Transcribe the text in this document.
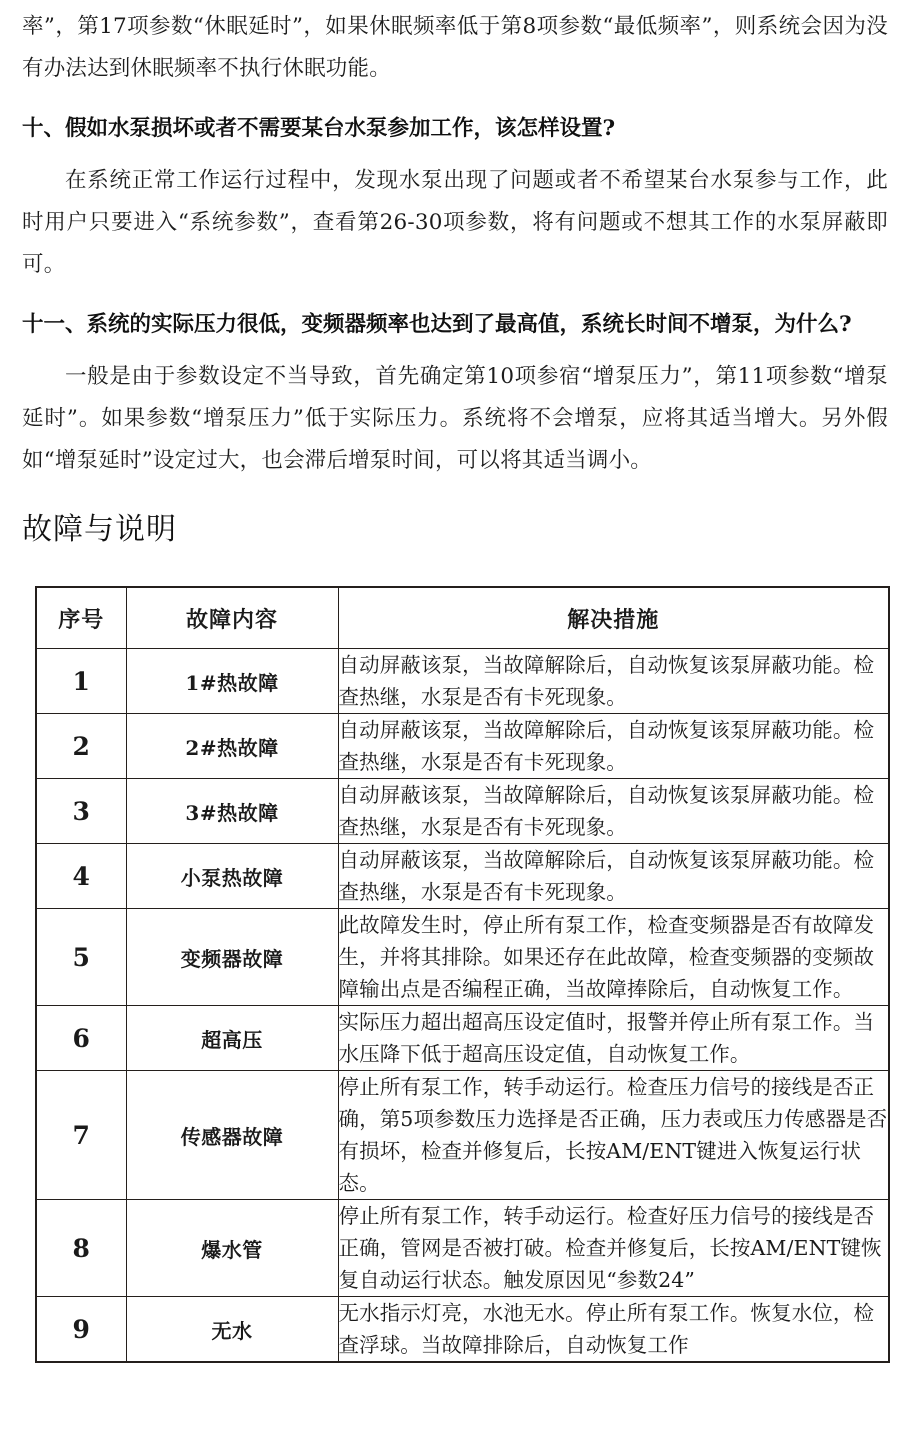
率”，第17项参数“休眠延时”，如果休眠频率低于第8项参数“最低频率”，则系统会因为没有办法达到休眠频率不执行休眠功能。

十、假如水泵损坏或者不需要某台水泵参加工作，该怎样设置?

在系统正常工作运行过程中，发现水泵出现了问题或者不希望某台水泵参与工作，此时用户只要进入“系统参数”，查看第26-30项参数，将有问题或不想其工作的水泵屏蔽即可。

十一、系统的实际压力很低，变频器频率也达到了最高值，系统长时间不增泵，为什么?

一般是由于参数设定不当导致，首先确定第10项参宿“增泵压力”，第11项参数“增泵延时”。如果参数“增泵压力”低于实际压力。系统将不会增泵，应将其适当增大。另外假如“增泵延时”设定过大，也会滞后增泵时间，可以将其适当调小。

故障与说明
序号	故障内容	解决措施
1	1#热故障	自动屏蔽该泵，当故障解除后，自动恢复该泵屏蔽功能。检查热继，水泵是否有卡死现象。
2	2#热故障	自动屏蔽该泵，当故障解除后，自动恢复该泵屏蔽功能。检查热继，水泵是否有卡死现象。
3	3#热故障	自动屏蔽该泵，当故障解除后，自动恢复该泵屏蔽功能。检查热继，水泵是否有卡死现象。
4	小泵热故障	自动屏蔽该泵，当故障解除后，自动恢复该泵屏蔽功能。检查热继，水泵是否有卡死现象。
5	变频器故障	此故障发生时，停止所有泵工作，检查变频器是否有故障发生，并将其排除。如果还存在此故障，检查变频器的变频故障输出点是否编程正确，当故障捧除后，自动恢复工作。
6	超高压	实际压力超出超高压设定值时，报警并停止所有泵工作。当水压降下低于超高压设定值，自动恢复工作。
7	传感器故障	停止所有泵工作，转手动运行。检查压力信号的接线是否正确，第5项参数压力选择是否正确，压力表或压力传感器是否有损坏，检查并修复后，长按AM/ENT键进入恢复运行状态。
8	爆水管	停止所有泵工作，转手动运行。检查好压力信号的接线是否正确，管网是否被打破。检查并修复后，长按AM/ENT键恢复自动运行状态。触发原因见“参数24”
9	无水	无水指示灯亮，水池无水。停止所有泵工作。恢复水位，检查浮球。当故障排除后，自动恢复工作
